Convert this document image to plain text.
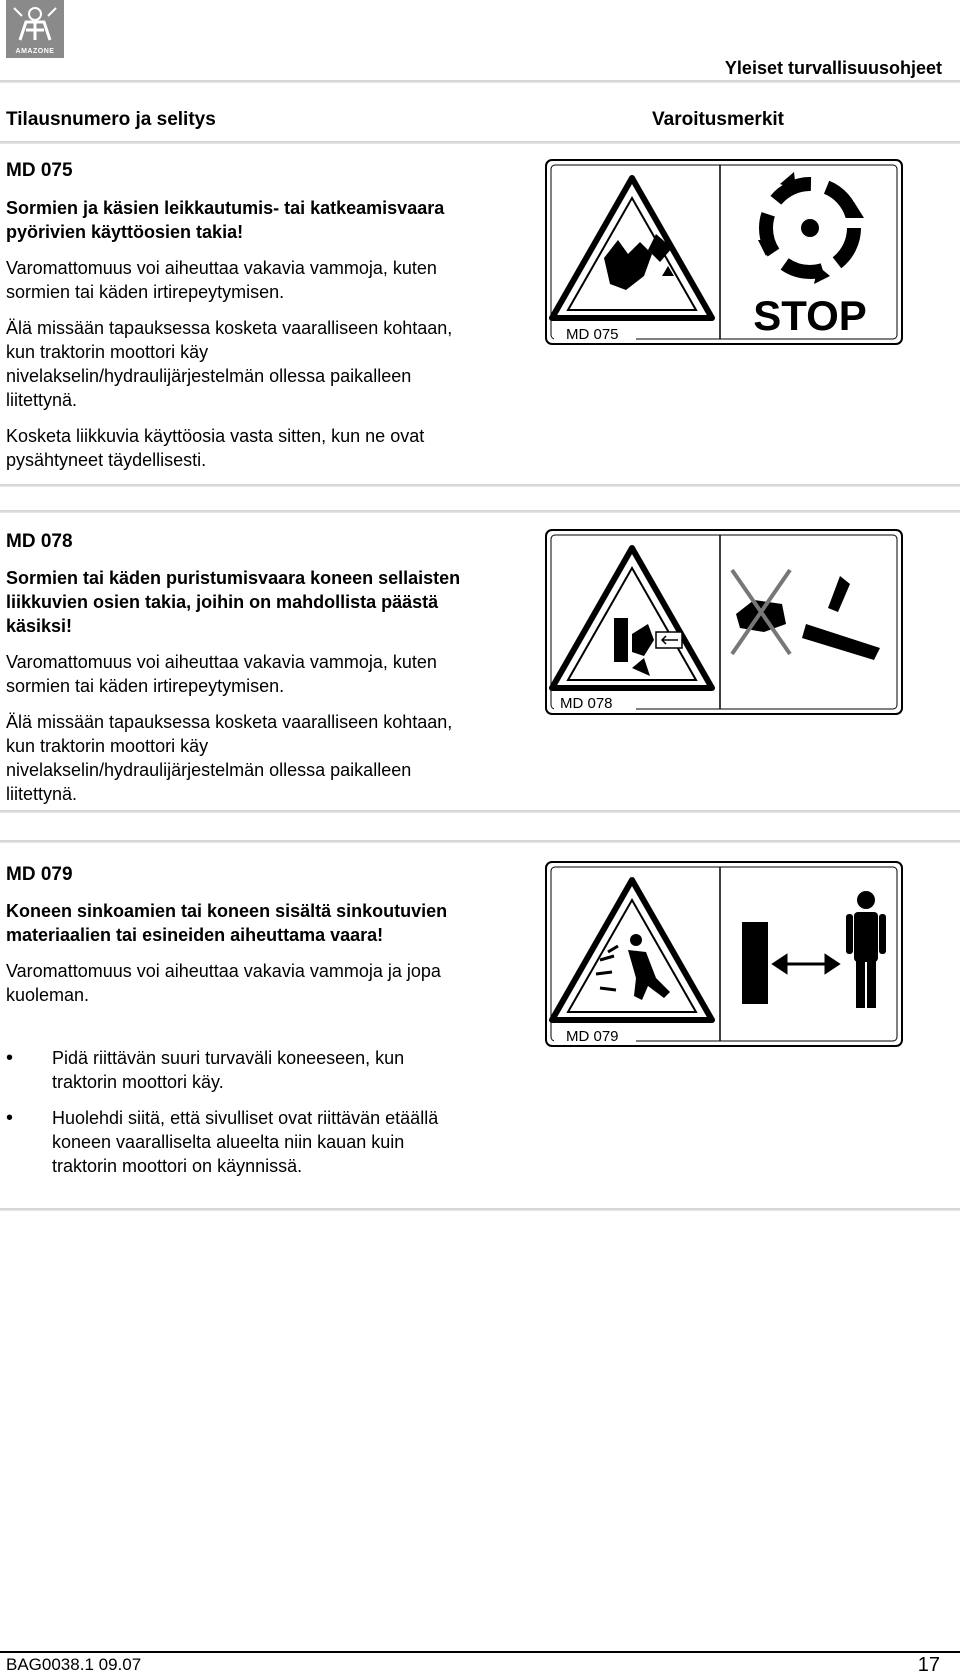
AMAZONE
Yleiset turvallisuusohjeet
Tilausnumero ja selitys	Varoitusmerkit
MD 075

Sormien ja käsien leikkautumis- tai katkeamisvaara pyörivien käyttöosien takia!

Varomattomuus voi aiheuttaa vakavia vammoja, kuten sormien tai käden irtirepeytymisen.

Älä missään tapauksessa kosketa vaaralliseen kohtaan, kun traktorin moottori käy nivelakselin/hydraulijärjestelmän ollessa paikalleen liitettynä.

Kosketa liikkuvia käyttöosia vasta sitten, kun ne ovat pysähtyneet täydellisesti.

MD 075	STOP
MD 078

Sormien tai käden puristumisvaara koneen sellaisten liikkuvien osien takia, joihin on mahdollista päästä käsiksi!

Varomattomuus voi aiheuttaa vakavia vammoja, kuten sormien tai käden irtirepeytymisen.

Älä missään tapauksessa kosketa vaaralliseen kohtaan, kun traktorin moottori käy nivelakselin/hydraulijärjestelmän ollessa paikalleen liitettynä.

MD 078
MD 079

Koneen sinkoamien tai koneen sisältä sinkoutuvien materiaalien tai esineiden aiheuttama vaara!

Varomattomuus voi aiheuttaa vakavia vammoja ja jopa kuoleman.

•
Pidä riittävän suuri turvaväli koneeseen, kun traktorin moottori käy.
•
Huolehdi siitä, että sivulliset ovat riittävän etäällä koneen vaaralliselta alueelta niin kauan kuin traktorin moottori on käynnissä.
MD 079
BAG0038.1 09.07	17
